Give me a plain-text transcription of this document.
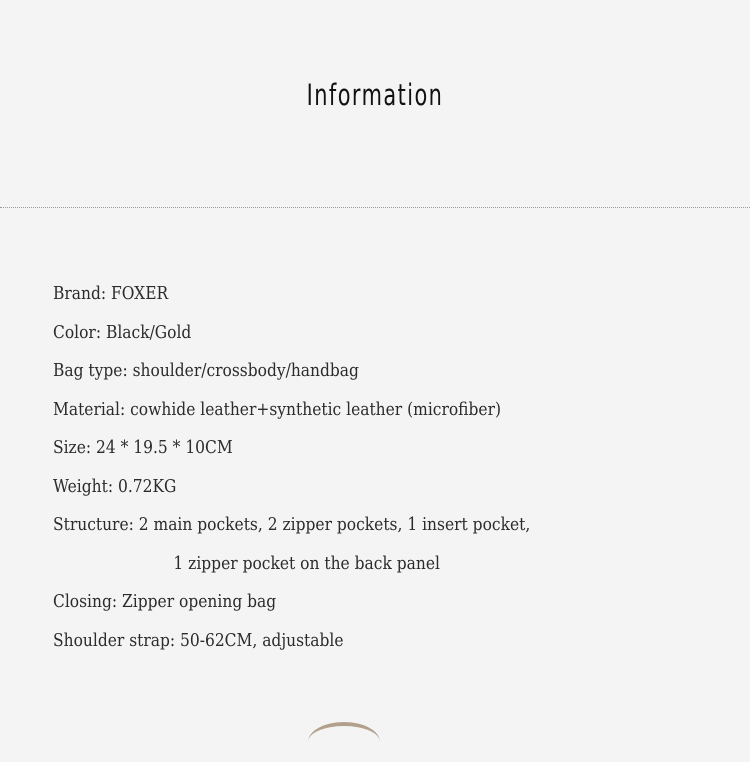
Information
Brand: FOXER
Color: Black/Gold
Bag type: shoulder/crossbody/handbag
Material: cowhide leather+synthetic leather (microfiber)
Size: 24 * 19.5 * 10CM
Weight: 0.72KG
Structure: 2 main pockets, 2 zipper pockets, 1 insert pocket,
1 zipper pocket on the back panel
Closing: Zipper opening bag
Shoulder strap: 50-62CM, adjustable
